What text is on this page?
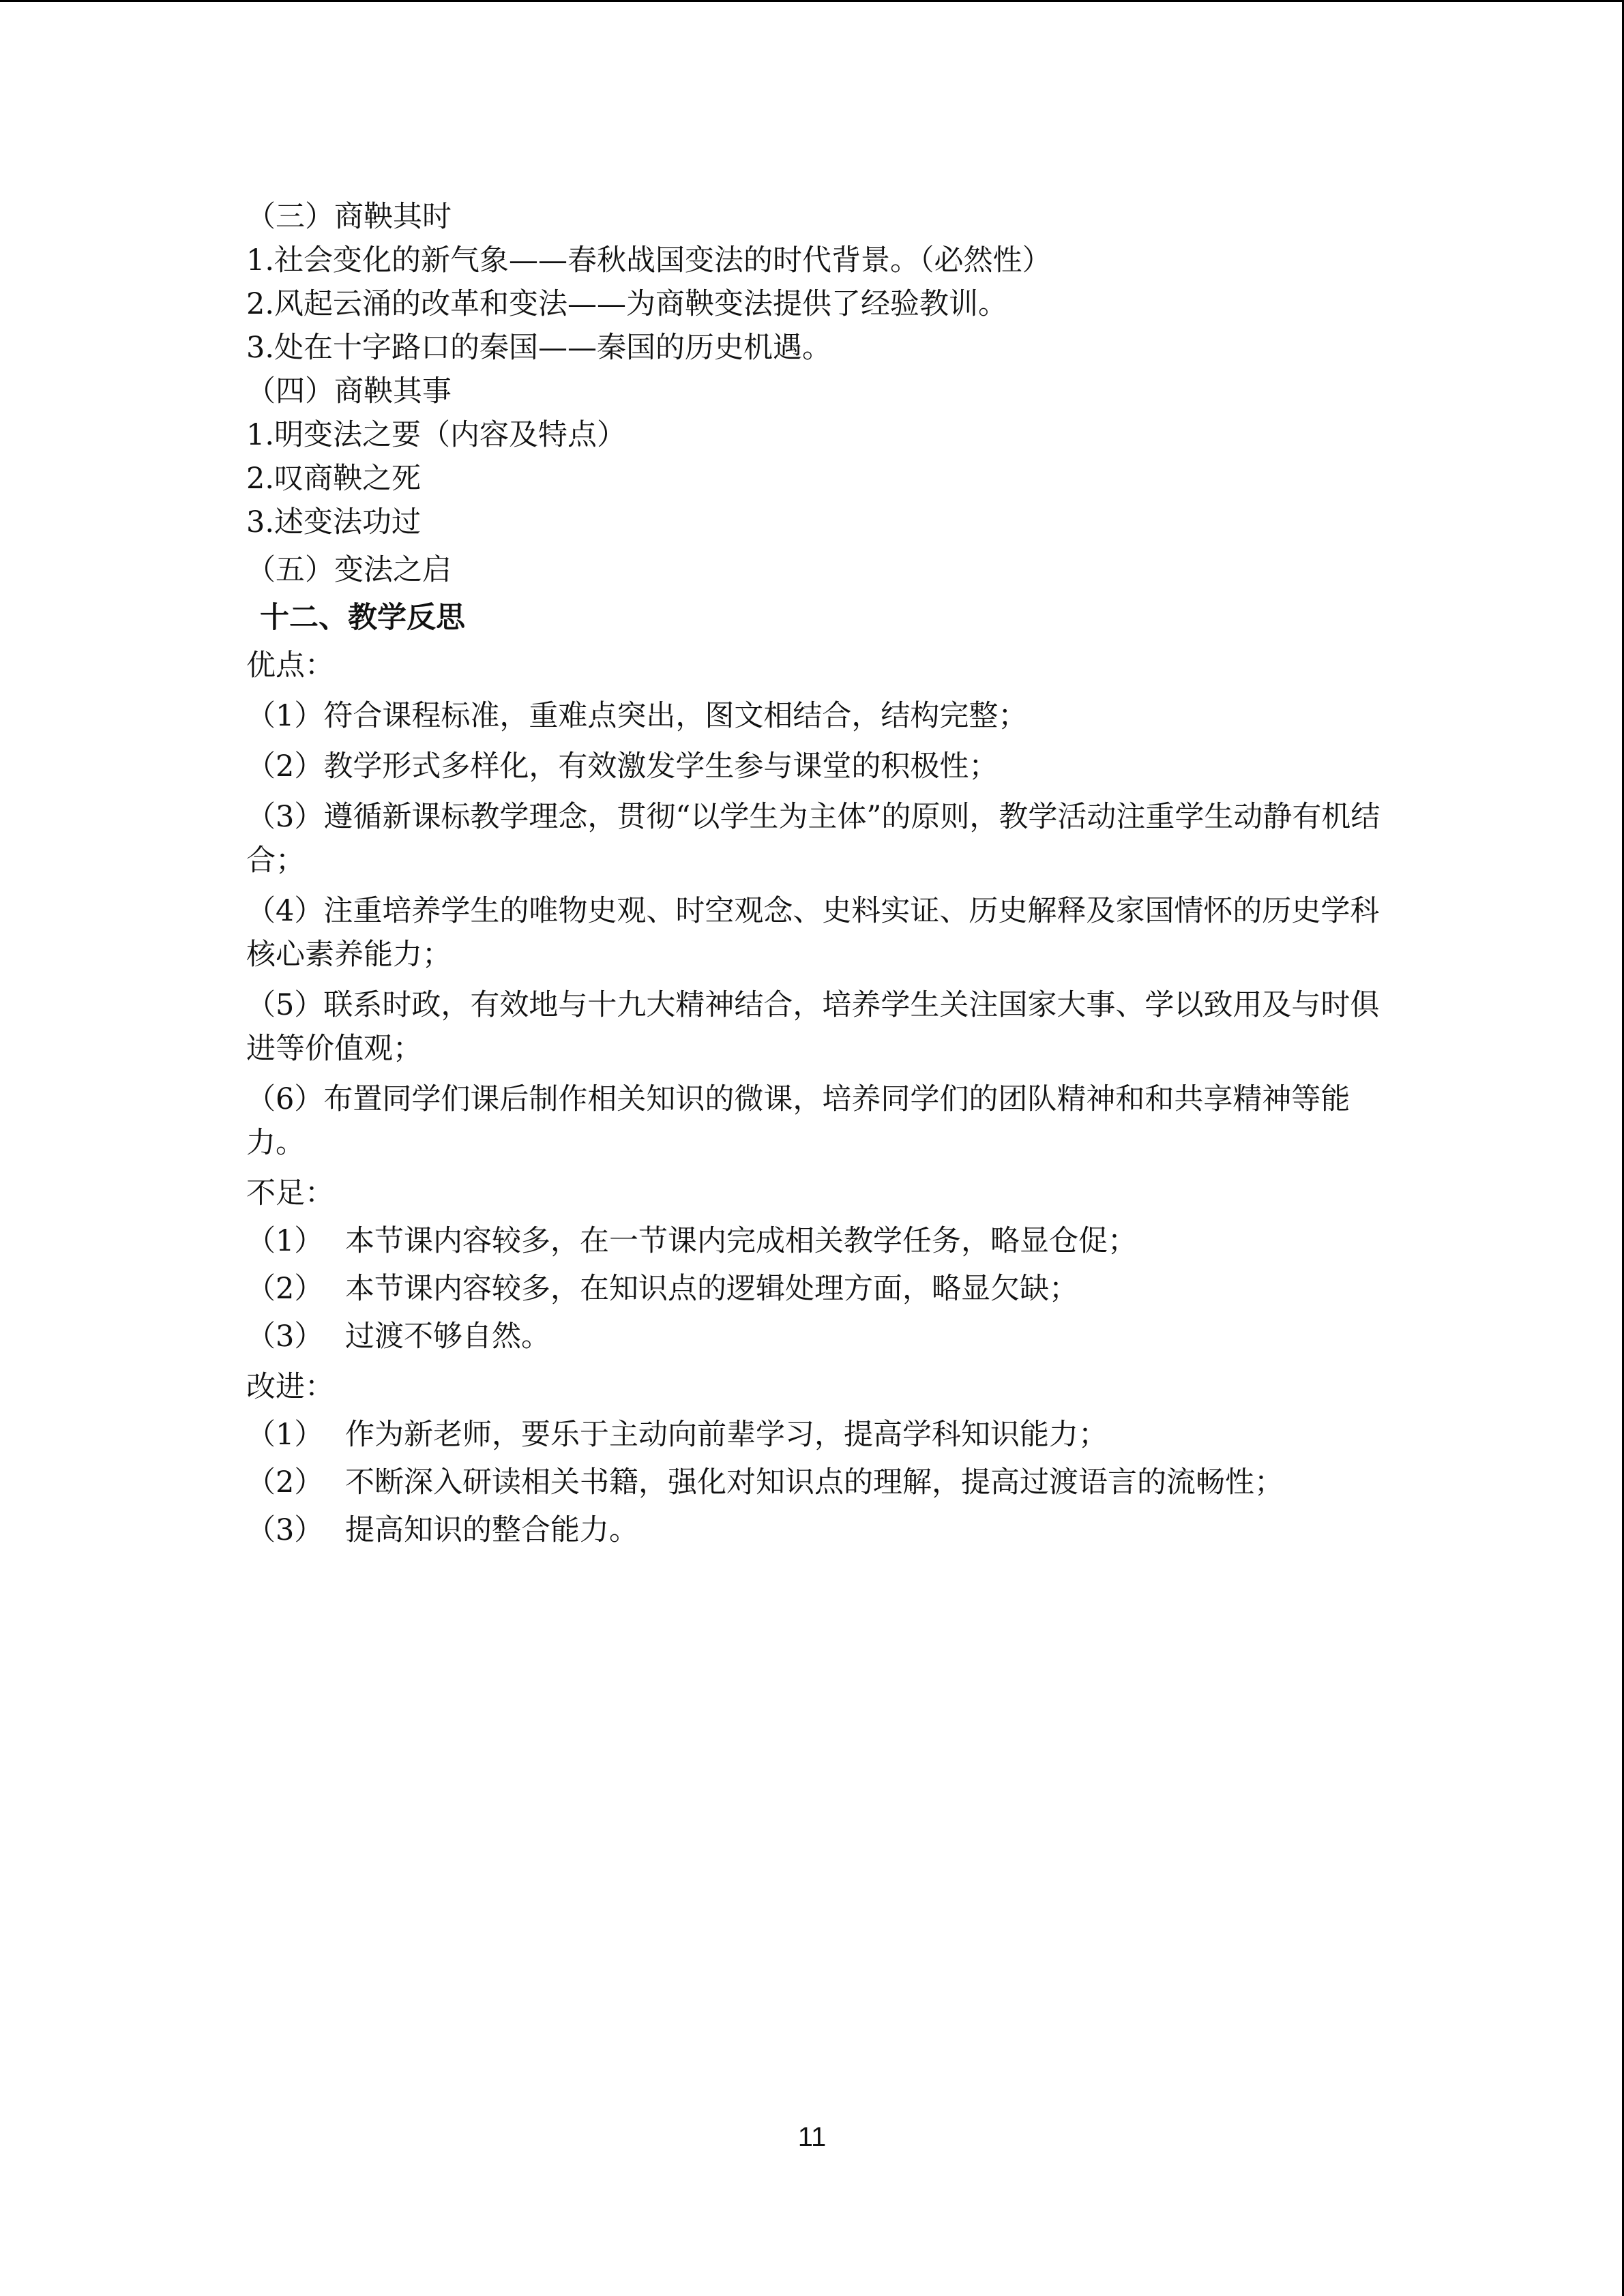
（三）商鞅其时
1.社会变化的新气象——春秋战国变法的时代背景。（必然性）
2.风起云涌的改革和变法——为商鞅变法提供了经验教训。
3.处在十字路口的秦国——秦国的历史机遇。
（四）商鞅其事
1.明变法之要（内容及特点）
2.叹商鞅之死
3.述变法功过
（五）变法之启
十二、教学反思
优点：
（1）符合课程标准，重难点突出，图文相结合，结构完整；
（2）教学形式多样化，有效激发学生参与课堂的积极性；
（3）遵循新课标教学理念，贯彻“以学生为主体”的原则，教学活动注重学生动静有机结合；
（4）注重培养学生的唯物史观、时空观念、史料实证、历史解释及家国情怀的历史学科核心素养能力；
（5）联系时政，有效地与十九大精神结合，培养学生关注国家大事、学以致用及与时俱进等价值观；
（6）布置同学们课后制作相关知识的微课，培养同学们的团队精神和和共享精神等能力。
不足：
（1） 本节课内容较多，在一节课内完成相关教学任务，略显仓促；
（2） 本节课内容较多，在知识点的逻辑处理方面，略显欠缺；
（3） 过渡不够自然。
改进：
（1） 作为新老师，要乐于主动向前辈学习，提高学科知识能力；
（2） 不断深入研读相关书籍，强化对知识点的理解，提高过渡语言的流畅性；
（3） 提高知识的整合能力。
11
